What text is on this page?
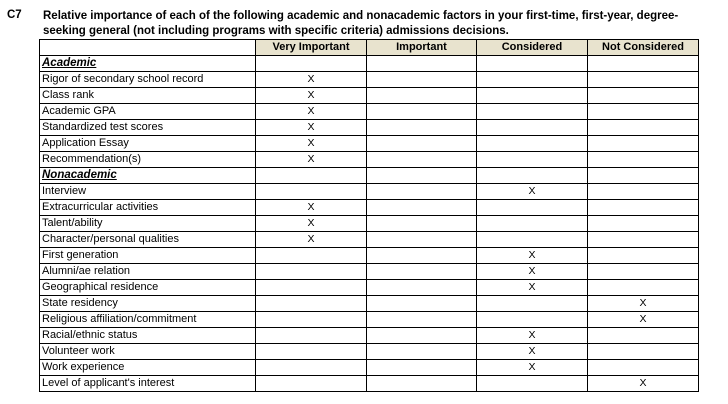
C7 Relative importance of each of the following academic and nonacademic factors in your first-time, first-year, degree-seeking general (not including programs with specific criteria) admissions decisions.
	Very Important	Important	Considered	Not Considered
Academic				
Rigor of secondary school record	X			
Class rank	X			
Academic GPA	X			
Standardized test scores	X			
Application Essay	X			
Recommendation(s)	X			
Nonacademic				
Interview			X	
Extracurricular activities	X			
Talent/ability	X			
Character/personal qualities	X			
First generation			X	
Alumni/ae relation			X	
Geographical residence			X	
State residency				X
Religious affiliation/commitment				X
Racial/ethnic status			X	
Volunteer work			X	
Work experience			X	
Level of applicant's interest				X
